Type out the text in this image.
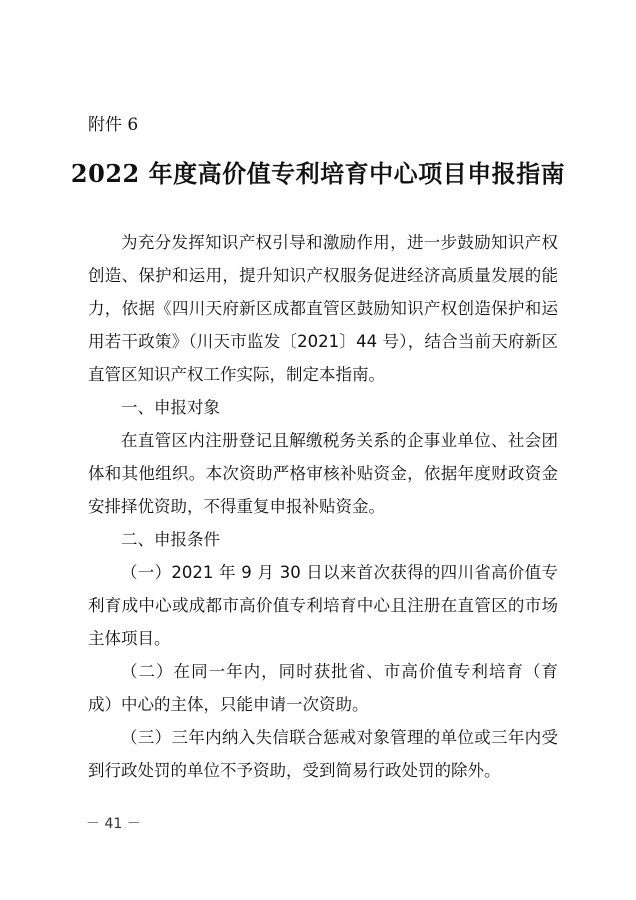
附件 6
2022 年度高价值专利培育中心项目申报指南

为充分发挥知识产权引导和激励作用，进一步鼓励知识产权创造、保护和运用，提升知识产权服务促进经济高质量发展的能力，依据《四川天府新区成都直管区鼓励知识产权创造保护和运用若干政策》（川天市监发〔2021〕44 号），结合当前天府新区直管区知识产权工作实际，制定本指南。

一、申报对象

在直管区内注册登记且解缴税务关系的企事业单位、社会团体和其他组织。本次资助严格审核补贴资金，依据年度财政资金安排择优资助，不得重复申报补贴资金。

二、申报条件

（一）2021 年 9 月 30 日以来首次获得的四川省高价值专利育成中心或成都市高价值专利培育中心且注册在直管区的市场主体项目。

（二）在同一年内，同时获批省、市高价值专利培育（育成）中心的主体，只能申请一次资助。

（三）三年内纳入失信联合惩戒对象管理的单位或三年内受到行政处罚的单位不予资助，受到简易行政处罚的除外。

－ 41 －
